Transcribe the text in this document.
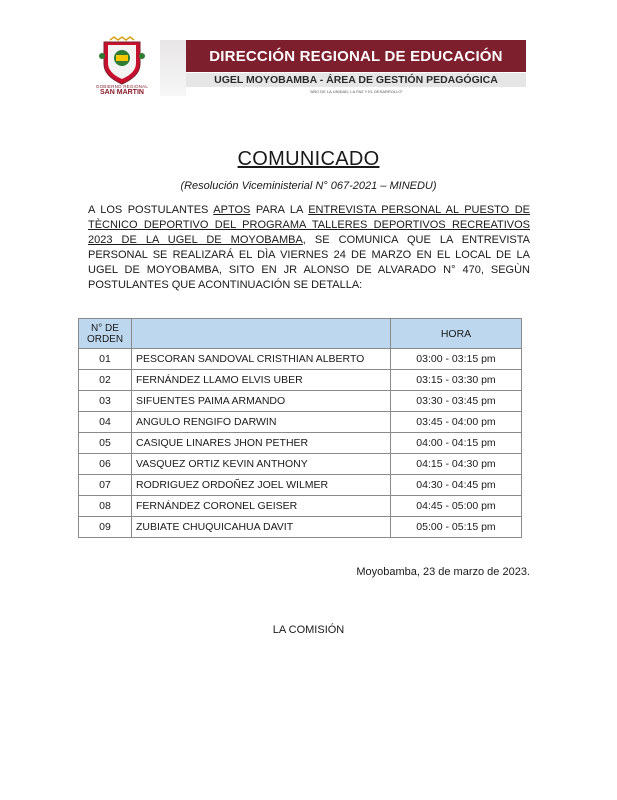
GOBIERNO REGIONAL
SAN MARTIN
DIRECCIÓN REGIONAL DE EDUCACIÓN
UGEL MOYOBAMBA - ÁREA DE GESTIÓN PEDAGÓGICA
"AÑO DE LA UNIDAD, LA PAZ Y EL DESARROLLO"
COMUNICADO
(Resolución Viceministerial N° 067-2021 – MINEDU)
A LOS POSTULANTES APTOS PARA LA ENTREVISTA PERSONAL AL PUESTO DE TÈCNICO DEPORTIVO DEL PROGRAMA TALLERES DEPORTIVOS RECREATIVOS 2023 DE LA UGEL DE MOYOBAMBA, SE COMUNICA QUE LA ENTREVISTA PERSONAL SE REALIZARÁ EL DÌA VIERNES 24 DE MARZO EN EL LOCAL DE LA UGEL DE MOYOBAMBA, SITO EN JR ALONSO DE ALVARADO N° 470, SEGÙN POSTULANTES QUE ACONTINUACIÓN SE DETALLA:
N° DE ORDEN		HORA
01	PESCORAN SANDOVAL CRISTHIAN ALBERTO	03:00 - 03:15 pm
02	FERNÁNDEZ LLAMO ELVIS UBER	03:15 - 03:30 pm
03	SIFUENTES PAIMA ARMANDO	03:30 - 03:45 pm
04	ANGULO RENGIFO DARWIN	03:45 - 04:00 pm
05	CASIQUE LINARES JHON PETHER	04:00 - 04:15 pm
06	VASQUEZ ORTIZ KEVIN ANTHONY	04:15 - 04:30 pm
07	RODRIGUEZ ORDOÑEZ JOEL WILMER	04:30 - 04:45 pm
08	FERNÁNDEZ CORONEL GEISER	04:45 - 05:00 pm
09	ZUBIATE CHUQUICAHUA DAVIT	05:00 - 05:15 pm
Moyobamba, 23 de marzo de 2023.
LA COMISIÓN
